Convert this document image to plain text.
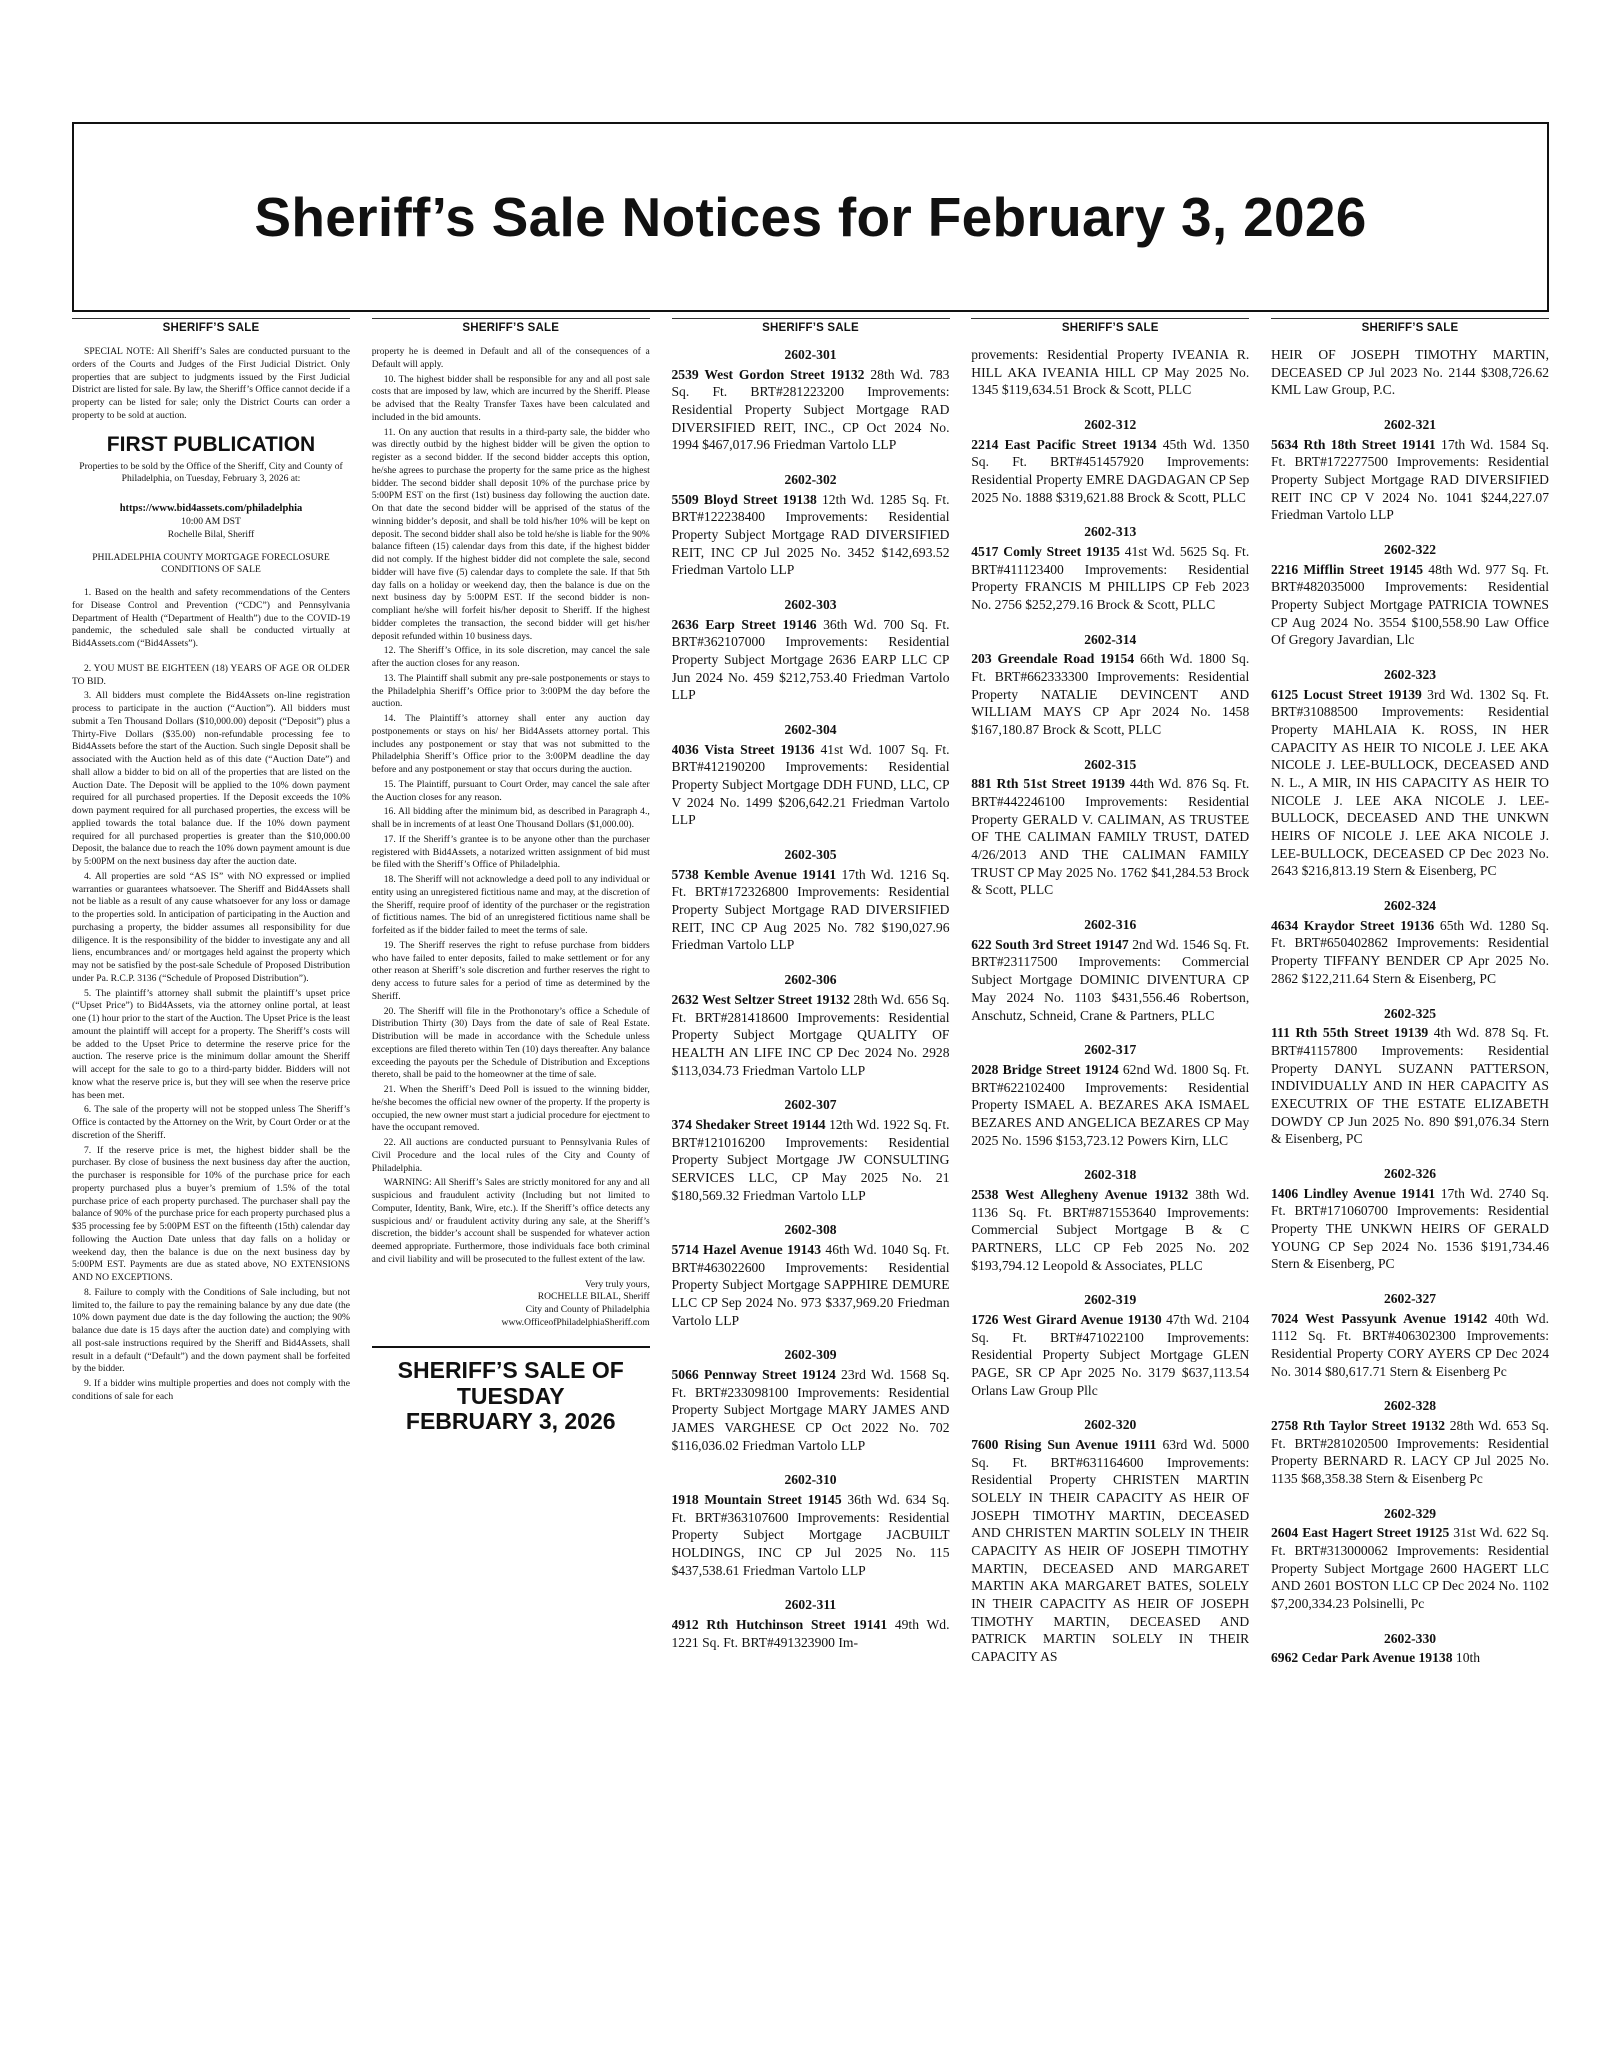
Sheriff’s Sale Notices for February 3, 2026
SHERIFF’S SALE

SPECIAL NOTE: All Sheriff’s Sales are conducted pursuant to the orders of the Courts and Judges of the First Judicial District. Only properties that are subject to judgments issued by the First Judicial District are listed for sale. By law, the Sheriff’s Office cannot decide if a property can be listed for sale; only the District Courts can order a property to be sold at auction.

FIRST PUBLICATION

Properties to be sold by the Office of the Sheriff, City and County of Philadelphia, on Tuesday, February 3, 2026 at:

https://www.bid4assets.com/philadelphia

10:00 AM DST

Rochelle Bilal, Sheriff

PHILADELPHIA COUNTY MORTGAGE FORECLOSURE CONDITIONS OF SALE

1. Based on the health and safety recommendations of the Centers for Disease Control and Prevention (“CDC”) and Pennsylvania Department of Health (“Department of Health”) due to the COVID-19 pandemic, the scheduled sale shall be conducted virtually at Bid4Assets.com (“Bid4Assets”).

2. YOU MUST BE EIGHTEEN (18) YEARS OF AGE OR OLDER TO BID.

3. All bidders must complete the Bid4Assets on-line registration process to participate in the auction (“Auction”). All bidders must submit a Ten Thousand Dollars ($10,000.00) deposit (“Deposit”) plus a Thirty-Five Dollars ($35.00) non-refundable processing fee to Bid4Assets before the start of the Auction. Such single Deposit shall be associated with the Auction held as of this date (“Auction Date”) and shall allow a bidder to bid on all of the properties that are listed on the Auction Date. The Deposit will be applied to the 10% down payment required for all purchased properties. If the Deposit exceeds the 10% down payment required for all purchased properties, the excess will be applied towards the total balance due. If the 10% down payment required for all purchased properties is greater than the $10,000.00 Deposit, the balance due to reach the 10% down payment amount is due by 5:00PM on the next business day after the auction date.

4. All properties are sold “AS IS” with NO expressed or implied warranties or guarantees whatsoever. The Sheriff and Bid4Assets shall not be liable as a result of any cause whatsoever for any loss or damage to the properties sold. In anticipation of participating in the Auction and purchasing a property, the bidder assumes all responsibility for due diligence. It is the responsibility of the bidder to investigate any and all liens, encumbrances and/ or mortgages held against the property which may not be satisfied by the post-sale Schedule of Proposed Distribution under Pa. R.C.P. 3136 (“Schedule of Proposed Distribution”).

5. The plaintiff’s attorney shall submit the plaintiff’s upset price (“Upset Price”) to Bid4Assets, via the attorney online portal, at least one (1) hour prior to the start of the Auction. The Upset Price is the least amount the plaintiff will accept for a property. The Sheriff’s costs will be added to the Upset Price to determine the reserve price for the auction. The reserve price is the minimum dollar amount the Sheriff will accept for the sale to go to a third-party bidder. Bidders will not know what the reserve price is, but they will see when the reserve price has been met.

6. The sale of the property will not be stopped unless The Sheriff’s Office is contacted by the Attorney on the Writ, by Court Order or at the discretion of the Sheriff.

7. If the reserve price is met, the highest bidder shall be the purchaser. By close of business the next business day after the auction, the purchaser is responsible for 10% of the purchase price for each property purchased plus a buyer’s premium of 1.5% of the total purchase price of each property purchased. The purchaser shall pay the balance of 90% of the purchase price for each property purchased plus a $35 processing fee by 5:00PM EST on the fifteenth (15th) calendar day following the Auction Date unless that day falls on a holiday or weekend day, then the balance is due on the next business day by 5:00PM EST. Payments are due as stated above, NO EXTENSIONS AND NO EXCEPTIONS.

8. Failure to comply with the Conditions of Sale including, but not limited to, the failure to pay the remaining balance by any due date (the 10% down payment due date is the day following the auction; the 90% balance due date is 15 days after the auction date) and complying with all post-sale instructions required by the Sheriff and Bid4Assets, shall result in a default (“Default”) and the down payment shall be forfeited by the bidder.

9. If a bidder wins multiple properties and does not comply with the conditions of sale for each

SHERIFF’S SALE

property he is deemed in Default and all of the consequences of a Default will apply.

10. The highest bidder shall be responsible for any and all post sale costs that are imposed by law, which are incurred by the Sheriff. Please be advised that the Realty Transfer Taxes have been calculated and included in the bid amounts.

11. On any auction that results in a third-party sale, the bidder who was directly outbid by the highest bidder will be given the option to register as a second bidder. If the second bidder accepts this option, he/she agrees to purchase the property for the same price as the highest bidder. The second bidder shall deposit 10% of the purchase price by 5:00PM EST on the first (1st) business day following the auction date. On that date the second bidder will be apprised of the status of the winning bidder’s deposit, and shall be told his/her 10% will be kept on deposit. The second bidder shall also be told he/she is liable for the 90% balance fifteen (15) calendar days from this date, if the highest bidder did not comply. If the highest bidder did not complete the sale, second bidder will have five (5) calendar days to complete the sale. If that 5th day falls on a holiday or weekend day, then the balance is due on the next business day by 5:00PM EST. If the second bidder is non-compliant he/she will forfeit his/her deposit to Sheriff. If the highest bidder completes the transaction, the second bidder will get his/her deposit refunded within 10 business days.

12. The Sheriff’s Office, in its sole discretion, may cancel the sale after the auction closes for any reason.

13. The Plaintiff shall submit any pre-sale postponements or stays to the Philadelphia Sheriff’s Office prior to 3:00PM the day before the auction.

14. The Plaintiff’s attorney shall enter any auction day postponements or stays on his/ her Bid4Assets attorney portal. This includes any postponement or stay that was not submitted to the Philadelphia Sheriff’s Office prior to the 3:00PM deadline the day before and any postponement or stay that occurs during the auction.

15. The Plaintiff, pursuant to Court Order, may cancel the sale after the Auction closes for any reason.

16. All bidding after the minimum bid, as described in Paragraph 4., shall be in increments of at least One Thousand Dollars ($1,000.00).

17. If the Sheriff’s grantee is to be anyone other than the purchaser registered with Bid4Assets, a notarized written assignment of bid must be filed with the Sheriff’s Office of Philadelphia.

18. The Sheriff will not acknowledge a deed poll to any individual or entity using an unregistered fictitious name and may, at the discretion of the Sheriff, require proof of identity of the purchaser or the registration of fictitious names. The bid of an unregistered fictitious name shall be forfeited as if the bidder failed to meet the terms of sale.

19. The Sheriff reserves the right to refuse purchase from bidders who have failed to enter deposits, failed to make settlement or for any other reason at Sheriff’s sole discretion and further reserves the right to deny access to future sales for a period of time as determined by the Sheriff.

20. The Sheriff will file in the Prothonotary’s office a Schedule of Distribution Thirty (30) Days from the date of sale of Real Estate. Distribution will be made in accordance with the Schedule unless exceptions are filed thereto within Ten (10) days thereafter. Any balance exceeding the payouts per the Schedule of Distribution and Exceptions thereto, shall be paid to the homeowner at the time of sale.

21. When the Sheriff’s Deed Poll is issued to the winning bidder, he/she becomes the official new owner of the property. If the property is occupied, the new owner must start a judicial procedure for ejectment to have the occupant removed.

22. All auctions are conducted pursuant to Pennsylvania Rules of Civil Procedure and the local rules of the City and County of Philadelphia.

WARNING: All Sheriff’s Sales are strictly monitored for any and all suspicious and fraudulent activity (Including but not limited to Computer, Identity, Bank, Wire, etc.). If the Sheriff’s office detects any suspicious and/ or fraudulent activity during any sale, at the Sheriff’s discretion, the bidder’s account shall be suspended for whatever action deemed appropriate. Furthermore, those individuals face both criminal and civil liability and will be prosecuted to the fullest extent of the law.

Very truly yours,

ROCHELLE BILAL, Sheriff

City and County of Philadelphia

www.OfficeofPhiladelphiaSheriff.com

SHERIFF’S SALE OF
TUESDAY
FEBRUARY 3, 2026
SHERIFF’S SALE
2602-301
2539 West Gordon Street 19132 28th Wd. 783 Sq. Ft. BRT#281223200 Improvements: Residential Property Subject Mortgage RAD DIVERSIFIED REIT, INC., CP Oct 2024 No. 1994 $467,017.96 Friedman Vartolo LLP
2602-302
5509 Bloyd Street 19138 12th Wd. 1285 Sq. Ft. BRT#122238400 Improvements: Residential Property Subject Mortgage RAD DIVERSIFIED REIT, INC CP Jul 2025 No. 3452 $142,693.52 Friedman Vartolo LLP
2602-303
2636 Earp Street 19146 36th Wd. 700 Sq. Ft. BRT#362107000 Improvements: Residential Property Subject Mortgage 2636 EARP LLC CP Jun 2024 No. 459 $212,753.40 Friedman Vartolo LLP
2602-304
4036 Vista Street 19136 41st Wd. 1007 Sq. Ft. BRT#412190200 Improvements: Residential Property Subject Mortgage DDH FUND, LLC, CP V 2024 No. 1499 $206,642.21 Friedman Vartolo LLP
2602-305
5738 Kemble Avenue 19141 17th Wd. 1216 Sq. Ft. BRT#172326800 Improvements: Residential Property Subject Mortgage RAD DIVERSIFIED REIT, INC CP Aug 2025 No. 782 $190,027.96 Friedman Vartolo LLP
2602-306
2632 West Seltzer Street 19132 28th Wd. 656 Sq. Ft. BRT#281418600 Improvements: Residential Property Subject Mortgage QUALITY OF HEALTH AN LIFE INC CP Dec 2024 No. 2928 $113,034.73 Friedman Vartolo LLP
2602-307
374 Shedaker Street 19144 12th Wd. 1922 Sq. Ft. BRT#121016200 Improvements: Residential Property Subject Mortgage JW CONSULTING SERVICES LLC, CP May 2025 No. 21 $180,569.32 Friedman Vartolo LLP
2602-308
5714 Hazel Avenue 19143 46th Wd. 1040 Sq. Ft. BRT#463022600 Improvements: Residential Property Subject Mortgage SAPPHIRE DEMURE LLC CP Sep 2024 No. 973 $337,969.20 Friedman Vartolo LLP
2602-309
5066 Pennway Street 19124 23rd Wd. 1568 Sq. Ft. BRT#233098100 Improvements: Residential Property Subject Mortgage MARY JAMES AND JAMES VARGHESE CP Oct 2022 No. 702 $116,036.02 Friedman Vartolo LLP
2602-310
1918 Mountain Street 19145 36th Wd. 634 Sq. Ft. BRT#363107600 Improvements: Residential Property Subject Mortgage JACBUILT HOLDINGS, INC CP Jul 2025 No. 115 $437,538.61 Friedman Vartolo LLP
2602-311
4912 Rth Hutchinson Street 19141 49th Wd. 1221 Sq. Ft. BRT#491323900 Im-
SHERIFF’S SALE
provements: Residential Property IVEANIA R. HILL AKA IVEANIA HILL CP May 2025 No. 1345 $119,634.51 Brock & Scott, PLLC
2602-312
2214 East Pacific Street 19134 45th Wd. 1350 Sq. Ft. BRT#451457920 Improvements: Residential Property EMRE DAGDAGAN CP Sep 2025 No. 1888 $319,621.88 Brock & Scott, PLLC
2602-313
4517 Comly Street 19135 41st Wd. 5625 Sq. Ft. BRT#411123400 Improvements: Residential Property FRANCIS M PHILLIPS CP Feb 2023 No. 2756 $252,279.16 Brock & Scott, PLLC
2602-314
203 Greendale Road 19154 66th Wd. 1800 Sq. Ft. BRT#662333300 Improvements: Residential Property NATALIE DEVINCENT AND WILLIAM MAYS CP Apr 2024 No. 1458 $167,180.87 Brock & Scott, PLLC
2602-315
881 Rth 51st Street 19139 44th Wd. 876 Sq. Ft. BRT#442246100 Improvements: Residential Property GERALD V. CALIMAN, AS TRUSTEE OF THE CALIMAN FAMILY TRUST, DATED 4/26/2013 AND THE CALIMAN FAMILY TRUST CP May 2025 No. 1762 $41,284.53 Brock & Scott, PLLC
2602-316
622 South 3rd Street 19147 2nd Wd. 1546 Sq. Ft. BRT#23117500 Improvements: Commercial Subject Mortgage DOMINIC DIVENTURA CP May 2024 No. 1103 $431,556.46 Robertson, Anschutz, Schneid, Crane & Partners, PLLC
2602-317
2028 Bridge Street 19124 62nd Wd. 1800 Sq. Ft. BRT#622102400 Improvements: Residential Property ISMAEL A. BEZARES AKA ISMAEL BEZARES AND ANGELICA BEZARES CP May 2025 No. 1596 $153,723.12 Powers Kirn, LLC
2602-318
2538 West Allegheny Avenue 19132 38th Wd. 1136 Sq. Ft. BRT#871553640 Improvements: Commercial Subject Mortgage B & C PARTNERS, LLC CP Feb 2025 No. 202 $193,794.12 Leopold & Associates, PLLC
2602-319
1726 West Girard Avenue 19130 47th Wd. 2104 Sq. Ft. BRT#471022100 Improvements: Residential Property Subject Mortgage GLEN PAGE, SR CP Apr 2025 No. 3179 $637,113.54 Orlans Law Group Pllc
2602-320
7600 Rising Sun Avenue 19111 63rd Wd. 5000 Sq. Ft. BRT#631164600 Improvements: Residential Property CHRISTEN MARTIN SOLELY IN THEIR CAPACITY AS HEIR OF JOSEPH TIMOTHY MARTIN, DECEASED AND CHRISTEN MARTIN SOLELY IN THEIR CAPACITY AS HEIR OF JOSEPH TIMOTHY MARTIN, DECEASED AND MARGARET MARTIN AKA MARGARET BATES, SOLELY IN THEIR CAPACITY AS HEIR OF JOSEPH TIMOTHY MARTIN, DECEASED AND PATRICK MARTIN SOLELY IN THEIR CAPACITY AS
SHERIFF’S SALE
HEIR OF JOSEPH TIMOTHY MARTIN, DECEASED CP Jul 2023 No. 2144 $308,726.62 KML Law Group, P.C.
2602-321
5634 Rth 18th Street 19141 17th Wd. 1584 Sq. Ft. BRT#172277500 Improvements: Residential Property Subject Mortgage RAD DIVERSIFIED REIT INC CP V 2024 No. 1041 $244,227.07 Friedman Vartolo LLP
2602-322
2216 Mifflin Street 19145 48th Wd. 977 Sq. Ft. BRT#482035000 Improvements: Residential Property Subject Mortgage PATRICIA TOWNES CP Aug 2024 No. 3554 $100,558.90 Law Office Of Gregory Javardian, Llc
2602-323
6125 Locust Street 19139 3rd Wd. 1302 Sq. Ft. BRT#31088500 Improvements: Residential Property MAHLAIA K. ROSS, IN HER CAPACITY AS HEIR TO NICOLE J. LEE AKA NICOLE J. LEE-BULLOCK, DECEASED AND N. L., A MIR, IN HIS CAPACITY AS HEIR TO NICOLE J. LEE AKA NICOLE J. LEE-BULLOCK, DECEASED AND THE UNKWN HEIRS OF NICOLE J. LEE AKA NICOLE J. LEE-BULLOCK, DECEASED CP Dec 2023 No. 2643 $216,813.19 Stern & Eisenberg, PC
2602-324
4634 Kraydor Street 19136 65th Wd. 1280 Sq. Ft. BRT#650402862 Improvements: Residential Property TIFFANY BENDER CP Apr 2025 No. 2862 $122,211.64 Stern & Eisenberg, PC
2602-325
111 Rth 55th Street 19139 4th Wd. 878 Sq. Ft. BRT#41157800 Improvements: Residential Property DANYL SUZANN PATTERSON, INDIVIDUALLY AND IN HER CAPACITY AS EXECUTRIX OF THE ESTATE ELIZABETH DOWDY CP Jun 2025 No. 890 $91,076.34 Stern & Eisenberg, PC
2602-326
1406 Lindley Avenue 19141 17th Wd. 2740 Sq. Ft. BRT#171060700 Improvements: Residential Property THE UNKWN HEIRS OF GERALD YOUNG CP Sep 2024 No. 1536 $191,734.46 Stern & Eisenberg, PC
2602-327
7024 West Passyunk Avenue 19142 40th Wd. 1112 Sq. Ft. BRT#406302300 Improvements: Residential Property CORY AYERS CP Dec 2024 No. 3014 $80,617.71 Stern & Eisenberg Pc
2602-328
2758 Rth Taylor Street 19132 28th Wd. 653 Sq. Ft. BRT#281020500 Improvements: Residential Property BERNARD R. LACY CP Jul 2025 No. 1135 $68,358.38 Stern & Eisenberg Pc
2602-329
2604 East Hagert Street 19125 31st Wd. 622 Sq. Ft. BRT#313000062 Improvements: Residential Property Subject Mortgage 2600 HAGERT LLC AND 2601 BOSTON LLC CP Dec 2024 No. 1102 $7,200,334.23 Polsinelli, Pc
2602-330
6962 Cedar Park Avenue 19138 10th
